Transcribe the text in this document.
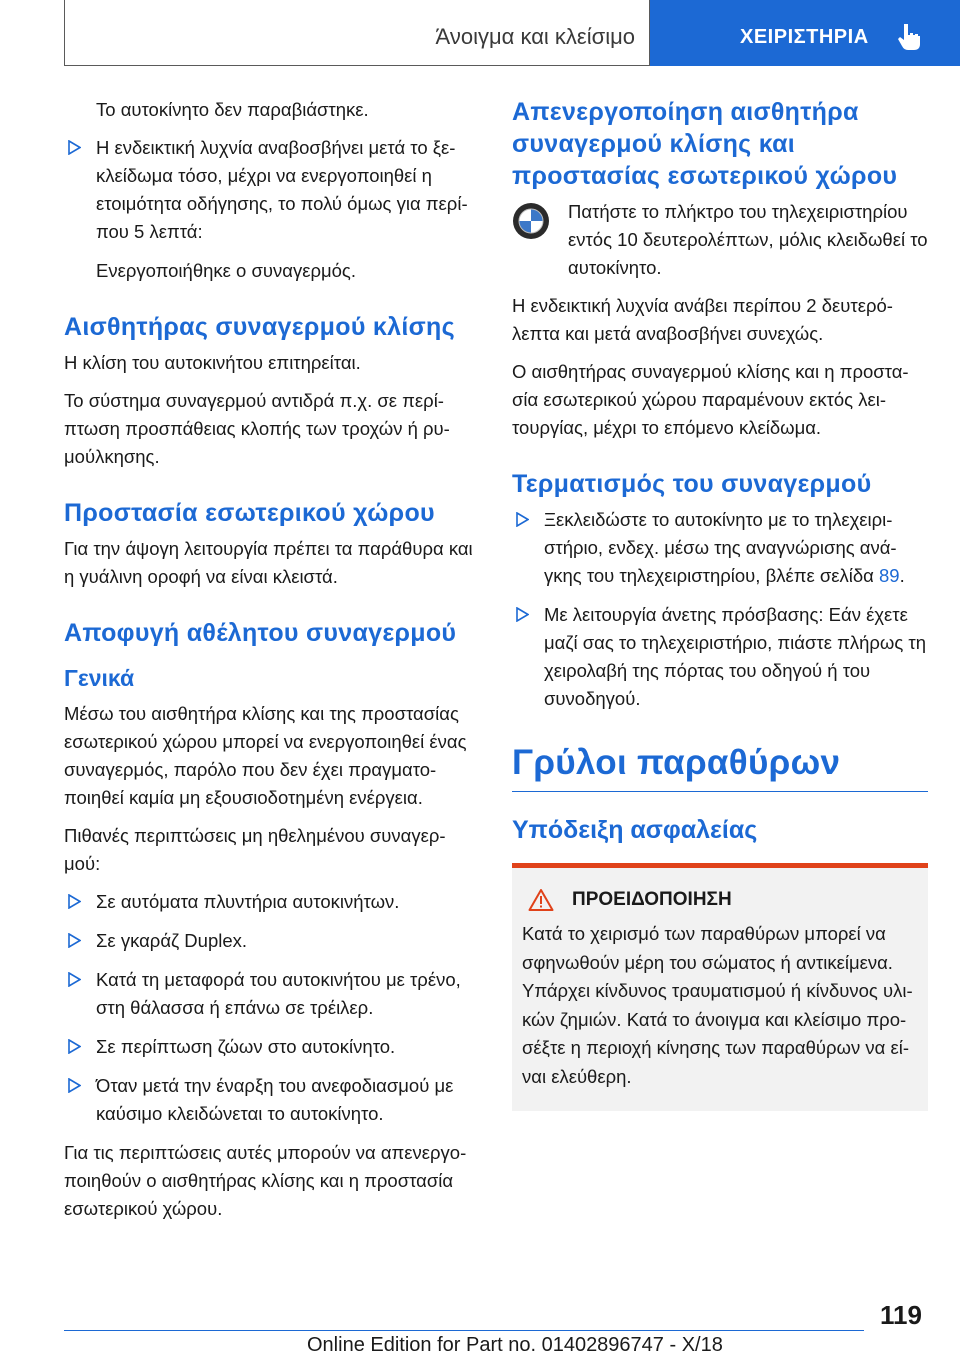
Άνοιγμα και κλείσιμο	ΧΕΙΡΙΣΤΗΡΙΑ

Το αυτοκίνητο δεν παραβιάστηκε.

Η ενδεικτική λυχνία αναβοσβήνει μετά το ξε-κλείδωμα τόσο, μέχρι να ενεργοποιηθεί η ετοιμότητα οδήγησης, το πολύ όμως για περί-που 5 λεπτά:

Ενεργοποιήθηκε ο συναγερμός.

Αισθητήρας συναγερμού κλίσης

Η κλίση του αυτοκινήτου επιτηρείται.

Το σύστημα συναγερμού αντιδρά π.χ. σε περί-πτωση προσπάθειας κλοπής των τροχών ή ρυ-μούλκησης.

Προστασία εσωτερικού χώρου

Για την άψογη λειτουργία πρέπει τα παράθυρα και η γυάλινη οροφή να είναι κλειστά.

Αποφυγή αθέλητου συναγερμού
Γενικά

Μέσω του αισθητήρα κλίσης και της προστασίας εσωτερικού χώρου μπορεί να ενεργοποιηθεί ένας συναγερμός, παρόλο που δεν έχει πραγματο-ποιηθεί καμία μη εξουσιοδοτημένη ενέργεια.

Πιθανές περιπτώσεις μη ηθελημένου συναγερ-μού:

Σε αυτόματα πλυντήρια αυτοκινήτων.
Σε γκαράζ Duplex.
Κατά τη μεταφορά του αυτοκινήτου με τρένο, στη θάλασσα ή επάνω σε τρέιλερ.
Σε περίπτωση ζώων στο αυτοκίνητο.
Όταν μετά την έναρξη του ανεφοδιασμού με καύσιμο κλειδώνεται το αυτοκίνητο.

Για τις περιπτώσεις αυτές μπορούν να απενεργο-ποιηθούν ο αισθητήρας κλίσης και η προστασία εσωτερικού χώρου.

Απενεργοποίηση αισθητήρα συναγερμού κλίσης και προστασίας εσωτερικού χώρου
Πατήστε το πλήκτρο του τηλεχειριστηρίου εντός 10 δευτερολέπτων, μόλις κλειδωθεί το αυτοκίνητο.

Η ενδεικτική λυχνία ανάβει περίπου 2 δευτερό-λεπτα και μετά αναβοσβήνει συνεχώς.

Ο αισθητήρας συναγερμού κλίσης και η προστα-σία εσωτερικού χώρου παραμένουν εκτός λει-τουργίας, μέχρι το επόμενο κλείδωμα.

Τερματισμός του συναγερμού
Ξεκλειδώστε το αυτοκίνητο με το τηλεχειρι-στήριο, ενδεχ. μέσω της αναγνώρισης ανά-γκης του τηλεχειριστηρίου, βλέπε σελίδα 89.
Με λειτουργία άνετης πρόσβασης: Εάν έχετε μαζί σας το τηλεχειριστήριο, πιάστε πλήρως τη χειρολαβή της πόρτας του οδηγού ή του συνοδηγού.
Γρύλοι παραθύρων
Υπόδειξη ασφαλείας
ΠΡΟΕΙΔΟΠΟΙΗΣΗ

Κατά το χειρισμό των παραθύρων μπορεί να σφηνωθούν μέρη του σώματος ή αντικείμενα. Υπάρχει κίνδυνος τραυματισμού ή κίνδυνος υλι-κών ζημιών. Κατά το άνοιγμα και κλείσιμο προ-σέξτε η περιοχή κίνησης των παραθύρων να εί-ναι ελεύθερη.

119
Online Edition for Part no. 01402896747 - X/18
